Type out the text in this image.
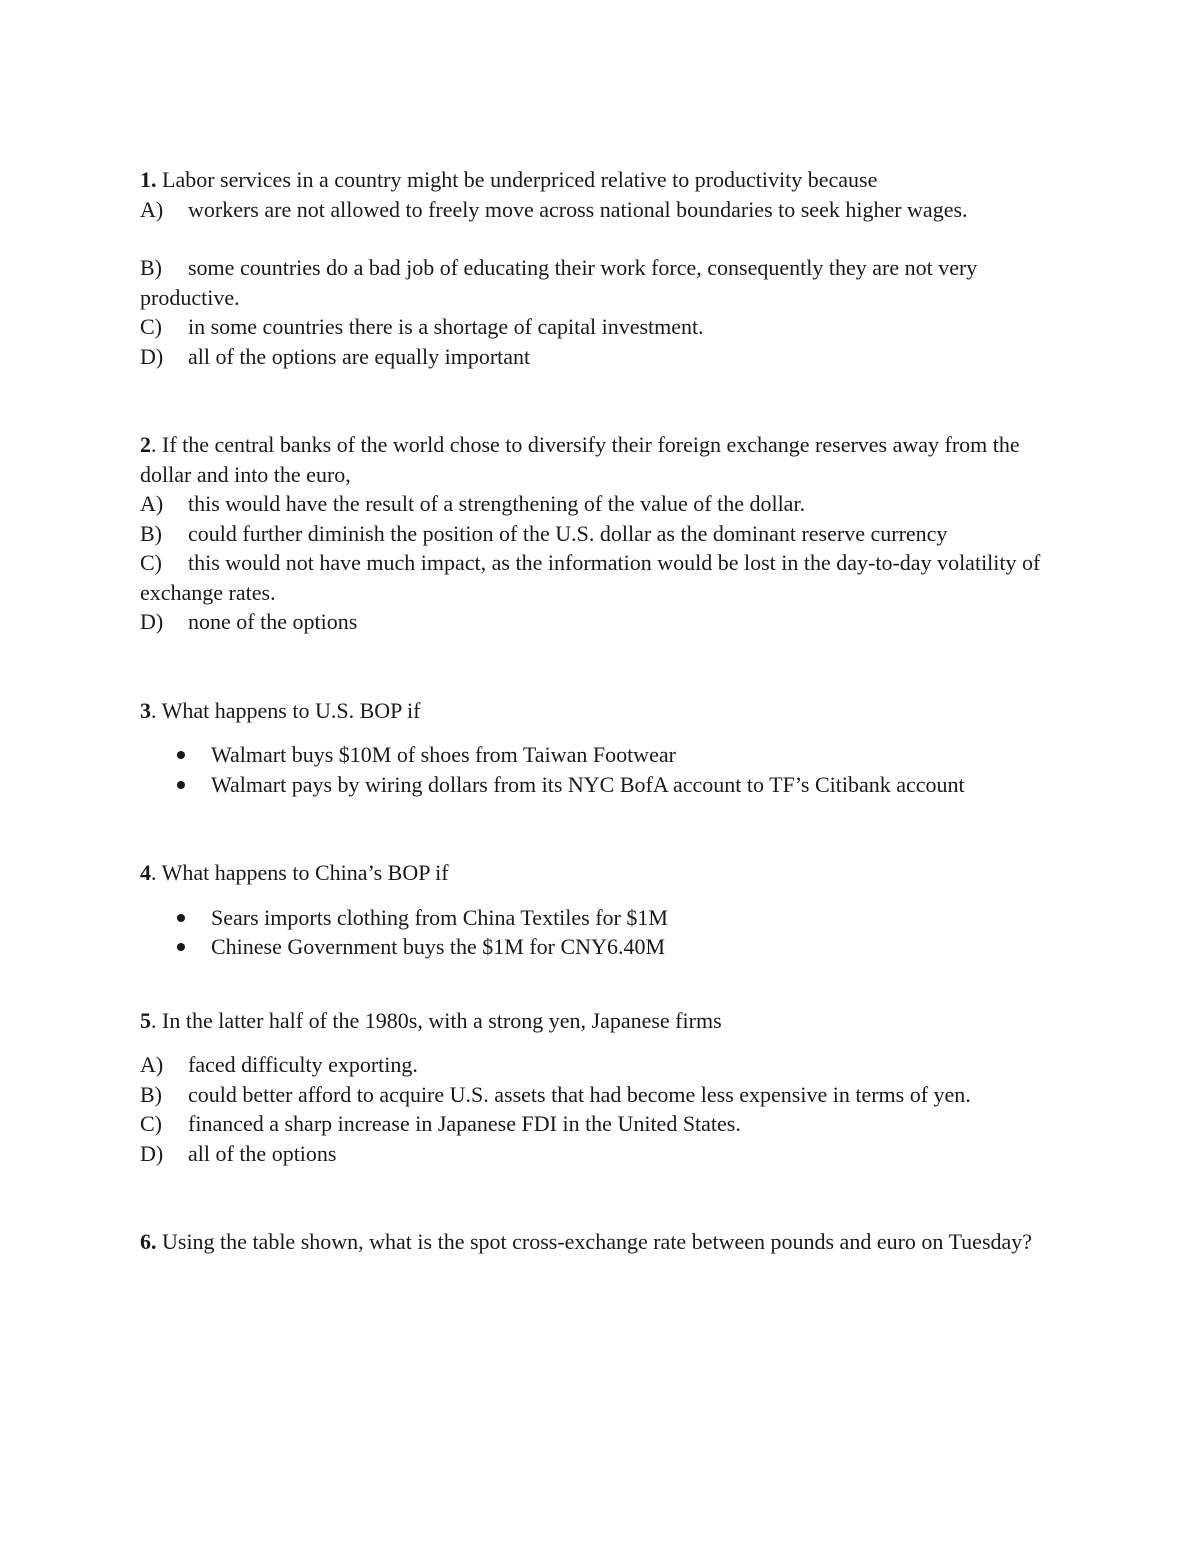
1. Labor services in a country might be underpriced relative to productivity because

A) workers are not allowed to freely move across national boundaries to seek higher wages.

B) some countries do a bad job of educating their work force, consequently they are not very productive.

C) in some countries there is a shortage of capital investment.

D) all of the options are equally important

2. If the central banks of the world chose to diversify their foreign exchange reserves away from the dollar and into the euro,

A) this would have the result of a strengthening of the value of the dollar.

B) could further diminish the position of the U.S. dollar as the dominant reserve currency

C) this would not have much impact, as the information would be lost in the day-to-day volatility of exchange rates.

D) none of the options

3. What happens to U.S. BOP if

Walmart buys $10M of shoes from Taiwan Footwear
Walmart pays by wiring dollars from its NYC BofA account to TF’s Citibank account

4. What happens to China’s BOP if

Sears imports clothing from China Textiles for $1M
Chinese Government buys the $1M for CNY6.40M

5. In the latter half of the 1980s, with a strong yen, Japanese firms

A) faced difficulty exporting.

B) could better afford to acquire U.S. assets that had become less expensive in terms of yen.

C) financed a sharp increase in Japanese FDI in the United States.

D) all of the options

6. Using the table shown, what is the spot cross-exchange rate between pounds and euro on Tuesday?
